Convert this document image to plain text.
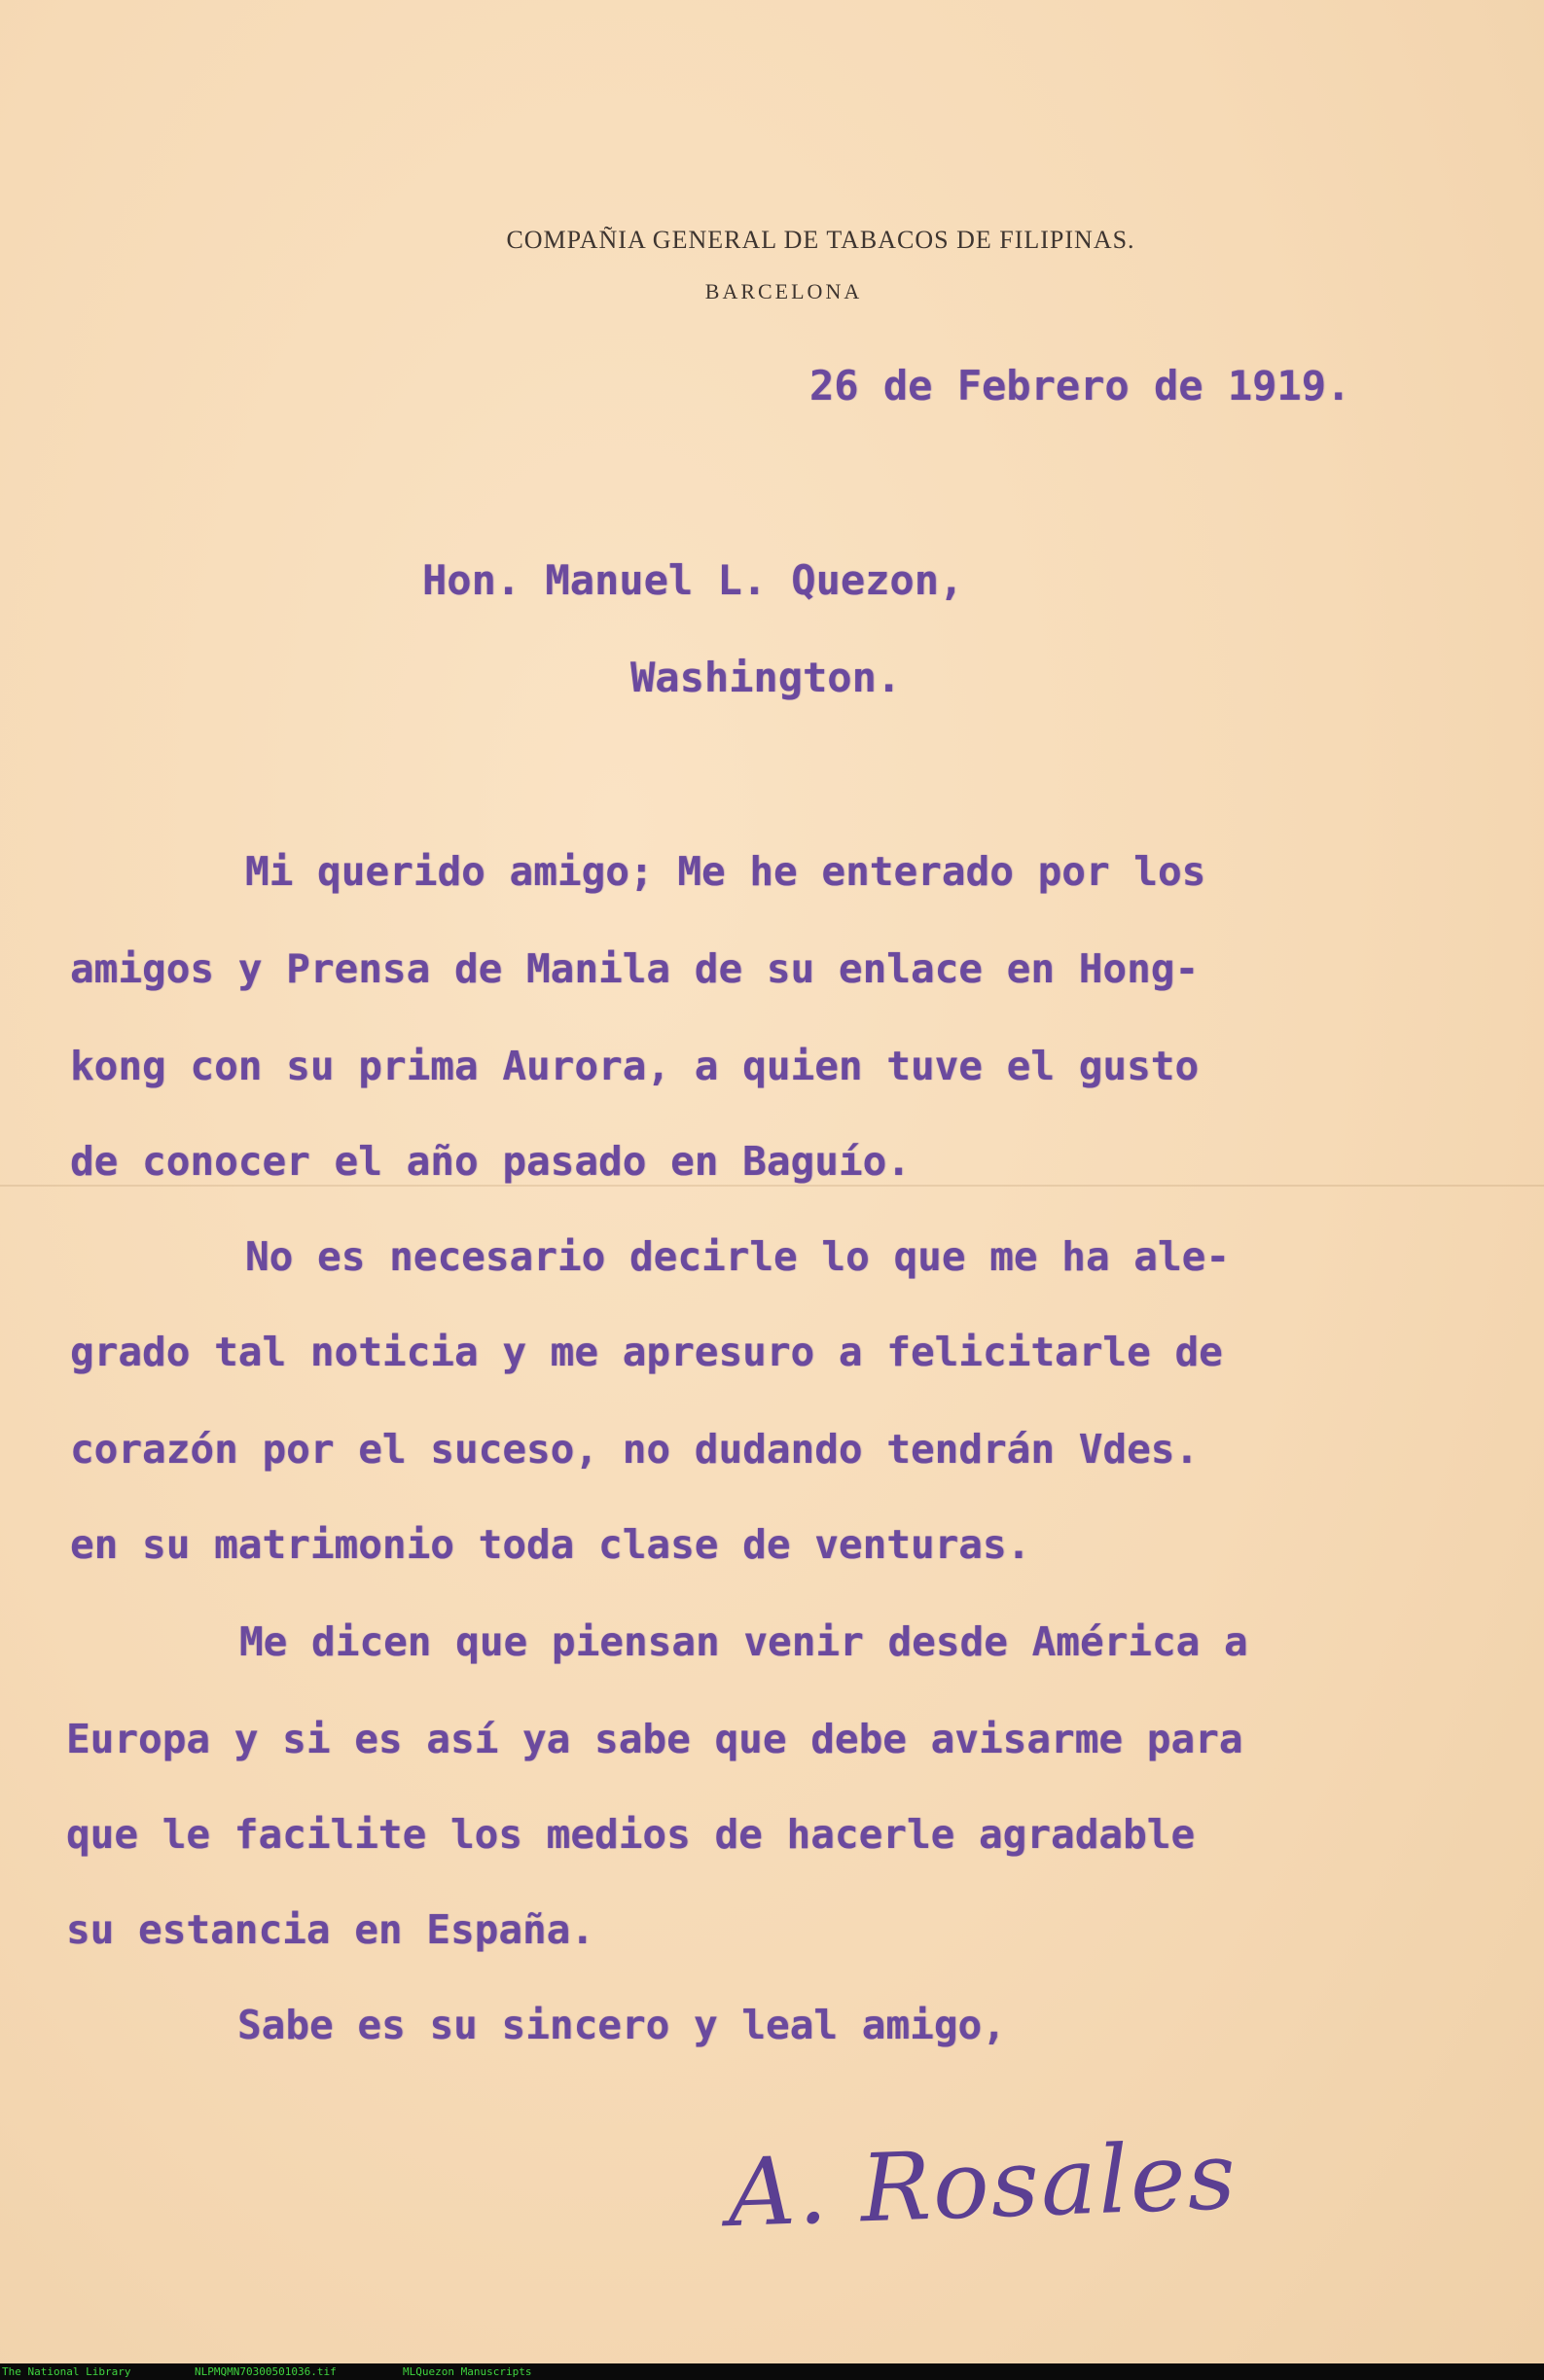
COMPAÑIA GENERAL DE TABACOS DE FILIPINAS.
BARCELONA
26 de Febrero de 1919.
Hon. Manuel L. Quezon,
Washington.
Mi querido amigo; Me he enterado por los
amigos y Prensa de Manila de su enlace en Hong-
kong con su prima Aurora, a quien tuve el gusto
de conocer el año pasado en Baguío.
No es necesario decirle lo que me ha ale-
grado tal noticia y me apresuro a felicitarle de
corazón por el suceso, no dudando tendrán Vdes.
en su matrimonio toda clase de venturas.
Me dicen que piensan venir desde América a
Europa y si es así ya sabe que debe avisarme para
que le facilite los medios de hacerle agradable
su estancia en España.
Sabe es su sincero y leal amigo,
A. Rosales
The National Library	NLPMQMN70300501036.tif	MLQuezon Manuscripts
